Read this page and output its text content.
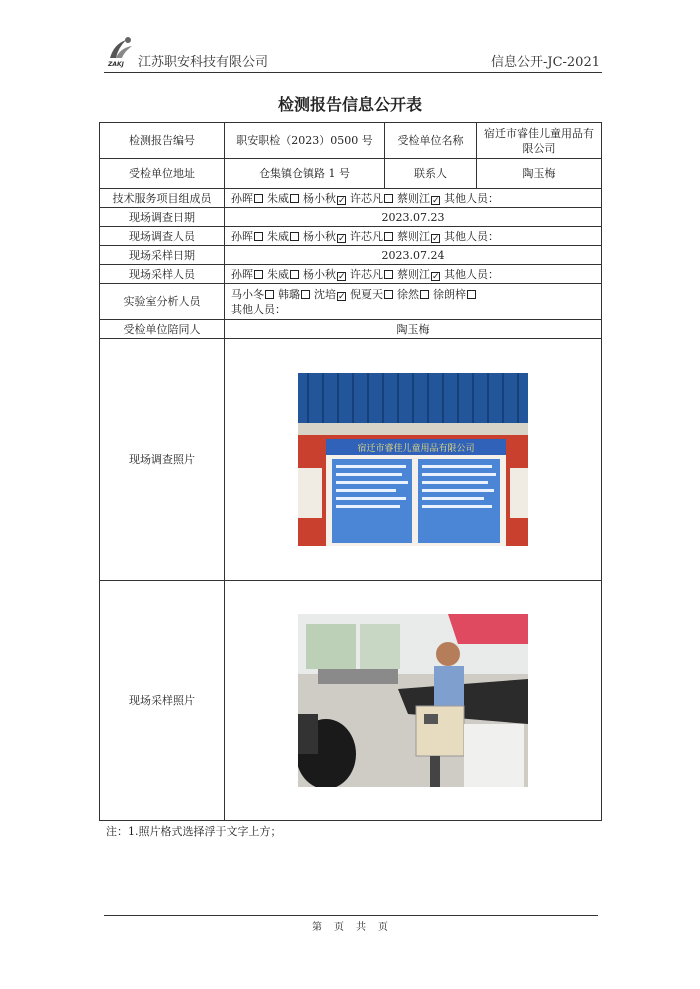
ZAKJ 江苏职安科技有限公司	信息公开-JC-2021
检测报告信息公开表
检测报告编号	职安职检（2023）0500 号	受检单位名称	宿迁市睿佳儿童用品有限公司
受检单位地址	仓集镇仓镇路 1 号	联系人	陶玉梅
技术服务项目组成员	孙晖 朱威 杨小秋 ✓ 许芯凡 蔡则江 ✓ 其他人员：
现场调查日期	2023.07.23		
现场调查人员	孙晖 朱威 杨小秋 ✓ 许芯凡 蔡则江 ✓ 其他人员：
现场采样日期	2023.07.24		
现场采样人员	孙晖 朱威 杨小秋 ✓ 许芯凡 蔡则江 ✓ 其他人员：
实验室分析人员	马小冬 韩璐 沈培 ✓ 倪夏天 徐然 徐朗梓
其他人员：

受检单位陪同人	陶玉梅		
现场调查照片	宿迁市睿佳儿童用品有限公司		

现场采样照片	
注：1.照片格式选择浮于文字上方；
第 页 共 页
